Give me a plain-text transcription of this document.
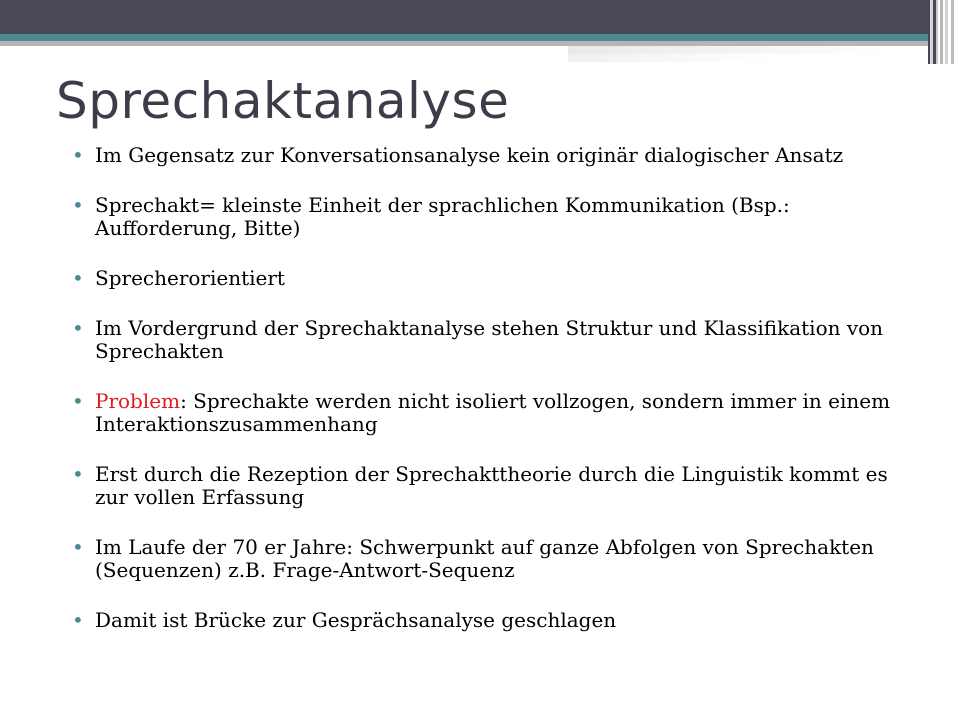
Sprechaktanalyse
• Im Gegensatz zur Konversationsanalyse kein originär dialogischer Ansatz
• Sprechakt= kleinste Einheit der sprachlichen Kommunikation (Bsp.: Aufforderung, Bitte)
• Sprecherorientiert
• Im Vordergrund der Sprechaktanalyse stehen Struktur und Klassifikation von Sprechakten
• Problem: Sprechakte werden nicht isoliert vollzogen, sondern immer in einem Interaktionszusammenhang
• Erst durch die Rezeption der Sprechakttheorie durch die Linguistik kommt es zur vollen Erfassung
• Im Laufe der 70 er Jahre: Schwerpunkt auf ganze Abfolgen von Sprechakten (Sequenzen) z.B. Frage-Antwort-Sequenz
• Damit ist Brücke zur Gesprächsanalyse geschlagen
